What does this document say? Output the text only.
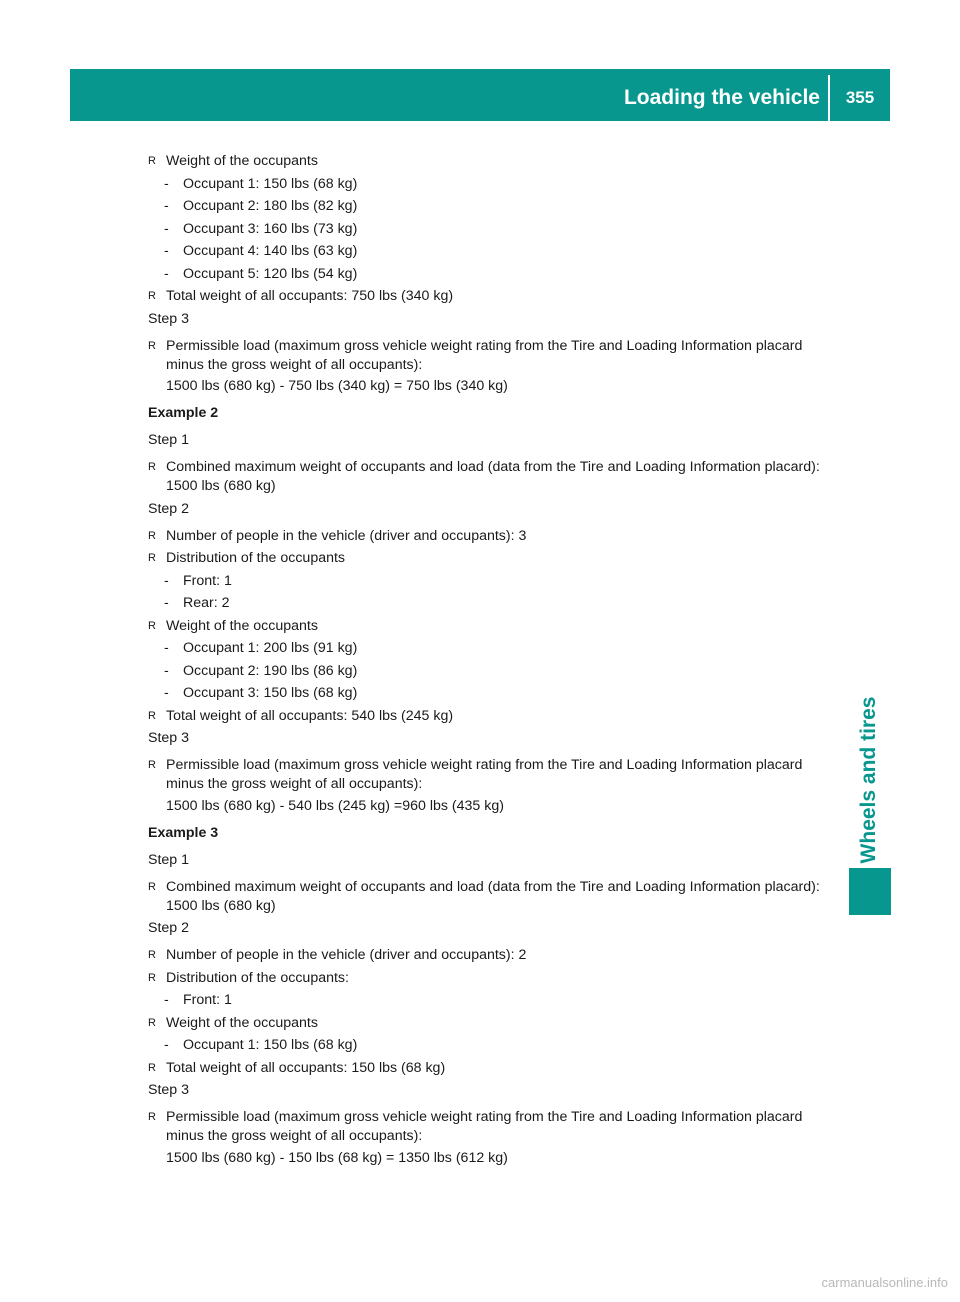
Loading the vehicle	355
Wheels and tires

R Weight of the occupants

- Occupant 1: 150 lbs (68 kg)

- Occupant 2: 180 lbs (82 kg)

- Occupant 3: 160 lbs (73 kg)

- Occupant 4: 140 lbs (63 kg)

- Occupant 5: 120 lbs (54 kg)

R Total weight of all occupants: 750 lbs (340 kg)

Step 3

R Permissible load (maximum gross vehicle weight rating from the Tire and Loading Information placard minus the gross weight of all occupants):

1500 lbs (680 kg) - 750 lbs (340 kg) = 750 lbs (340 kg)

Example 2

Step 1

R Combined maximum weight of occupants and load (data from the Tire and Loading Information placard): 1500 lbs (680 kg)

Step 2

R Number of people in the vehicle (driver and occupants): 3

R Distribution of the occupants

- Front: 1

- Rear: 2

R Weight of the occupants

- Occupant 1: 200 lbs (91 kg)

- Occupant 2: 190 lbs (86 kg)

- Occupant 3: 150 lbs (68 kg)

R Total weight of all occupants: 540 lbs (245 kg)

Step 3

R Permissible load (maximum gross vehicle weight rating from the Tire and Loading Information placard minus the gross weight of all occupants):

1500 lbs (680 kg) - 540 lbs (245 kg) =960 lbs (435 kg)

Example 3

Step 1

R Combined maximum weight of occupants and load (data from the Tire and Loading Information placard): 1500 lbs (680 kg)

Step 2

R Number of people in the vehicle (driver and occupants): 2

R Distribution of the occupants:

- Front: 1

R Weight of the occupants

- Occupant 1: 150 lbs (68 kg)

R Total weight of all occupants: 150 lbs (68 kg)

Step 3

R Permissible load (maximum gross vehicle weight rating from the Tire and Loading Information placard minus the gross weight of all occupants):

1500 lbs (680 kg) - 150 lbs (68 kg) = 1350 lbs (612 kg)

carmanualsonline.info
